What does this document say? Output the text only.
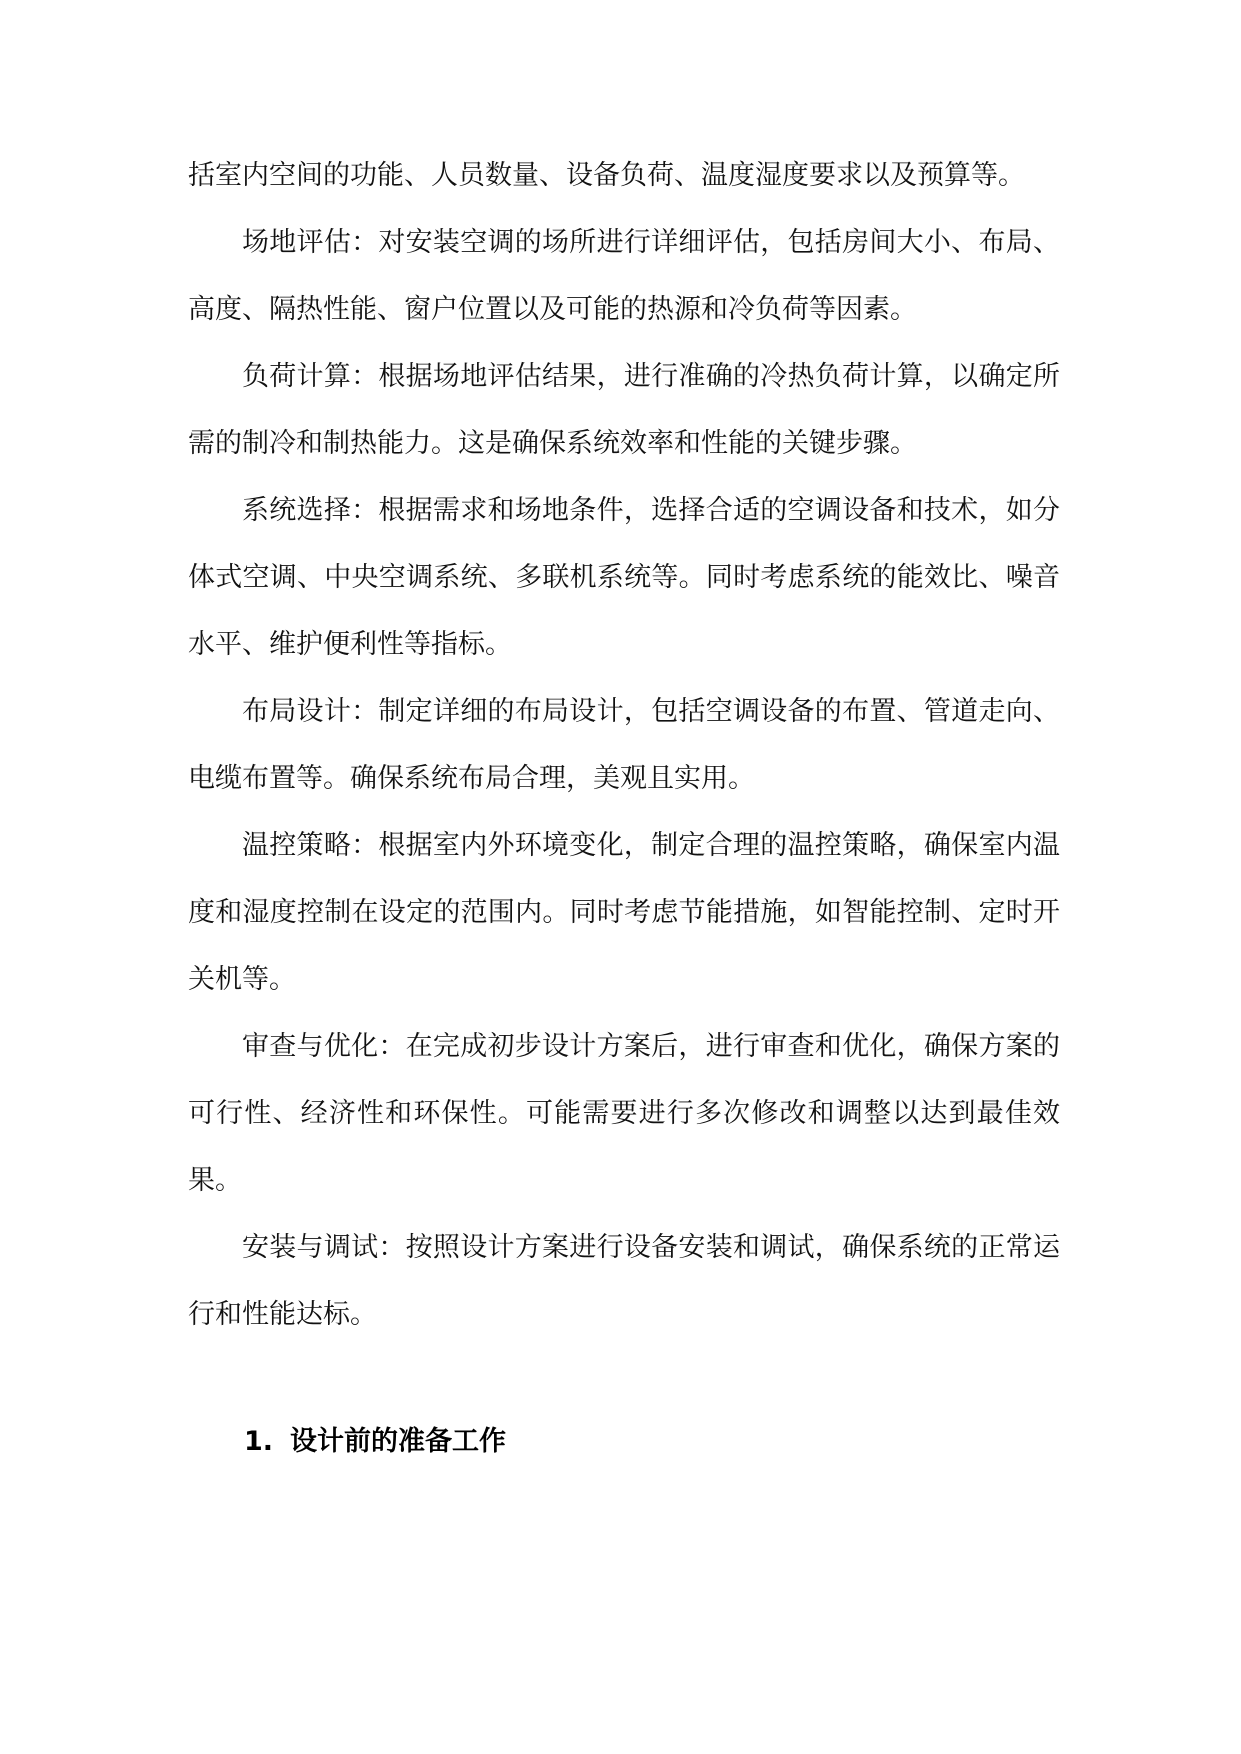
括室内空间的功能、人员数量、设备负荷、温度湿度要求以及预算等。

场地评估：对安装空调的场所进行详细评估，包括房间大小、布局、高度、隔热性能、窗户位置以及可能的热源和冷负荷等因素。

负荷计算：根据场地评估结果，进行准确的冷热负荷计算，以确定所需的制冷和制热能力。这是确保系统效率和性能的关键步骤。

系统选择：根据需求和场地条件，选择合适的空调设备和技术，如分体式空调、中央空调系统、多联机系统等。同时考虑系统的能效比、噪音水平、维护便利性等指标。

布局设计：制定详细的布局设计，包括空调设备的布置、管道走向、电缆布置等。确保系统布局合理，美观且实用。

温控策略：根据室内外环境变化，制定合理的温控策略，确保室内温度和湿度控制在设定的范围内。同时考虑节能措施，如智能控制、定时开关机等。

审查与优化：在完成初步设计方案后，进行审查和优化，确保方案的可行性、经济性和环保性。可能需要进行多次修改和调整以达到最佳效果。

安装与调试：按照设计方案进行设备安装和调试，确保系统的正常运行和性能达标。

1. 设计前的准备工作
